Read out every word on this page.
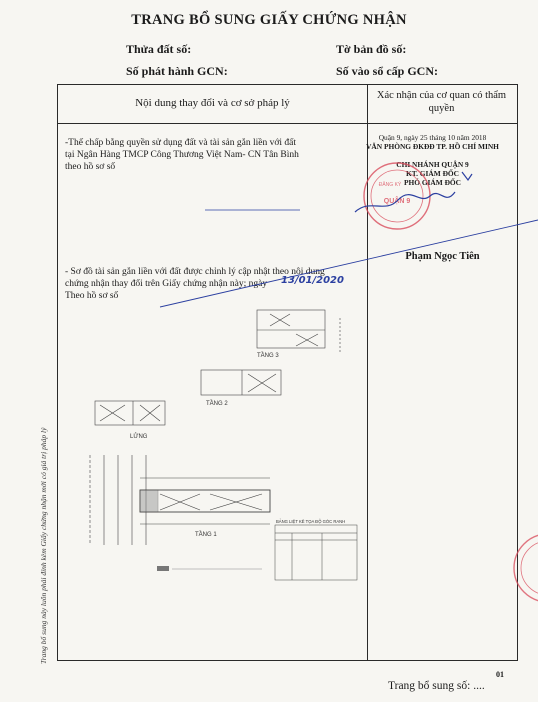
TRANG BỔ SUNG GIẤY CHỨNG NHẬN
Thửa đất số:	Tờ bản đồ số:
Số phát hành GCN:	Số vào sổ cấp GCN:
Nội dung thay đổi và cơ sở pháp lý
Xác nhận của cơ quan có thẩm quyền
-Thế chấp bằng quyền sử dụng đất và tài sản gắn liền với đất
tại Ngân Hàng TMCP Công Thương Việt Nam- CN Tân Bình
theo hồ sơ số
- Sơ đồ tài sản gắn liền với đất được chỉnh lý cập nhật theo nội dung
chứng nhận thay đổi trên Giấy chứng nhận này; ngày 13/01/2020
Theo hồ sơ số
Quận 9, ngày 25 tháng 10 năm 2018
VĂN PHÒNG ĐKĐĐ TP. HỒ CHÍ MINH
CHI NHÁNH QUẬN 9
KT. GIÁM ĐỐC
PHÓ GIÁM ĐỐC
Phạm Ngọc Tiên
QUẬN 9
ĐĂNG KÝ
TẦNG 3
TẦNG 2
LỬNG
TẦNG 1
BẢNG LIỆT KÊ TỌA ĐỘ GÓC RANH
Trang bổ sung này luôn phải đính kèm Giấy chứng nhận mới có giá trị pháp lý
01
Trang bổ sung số: ....
